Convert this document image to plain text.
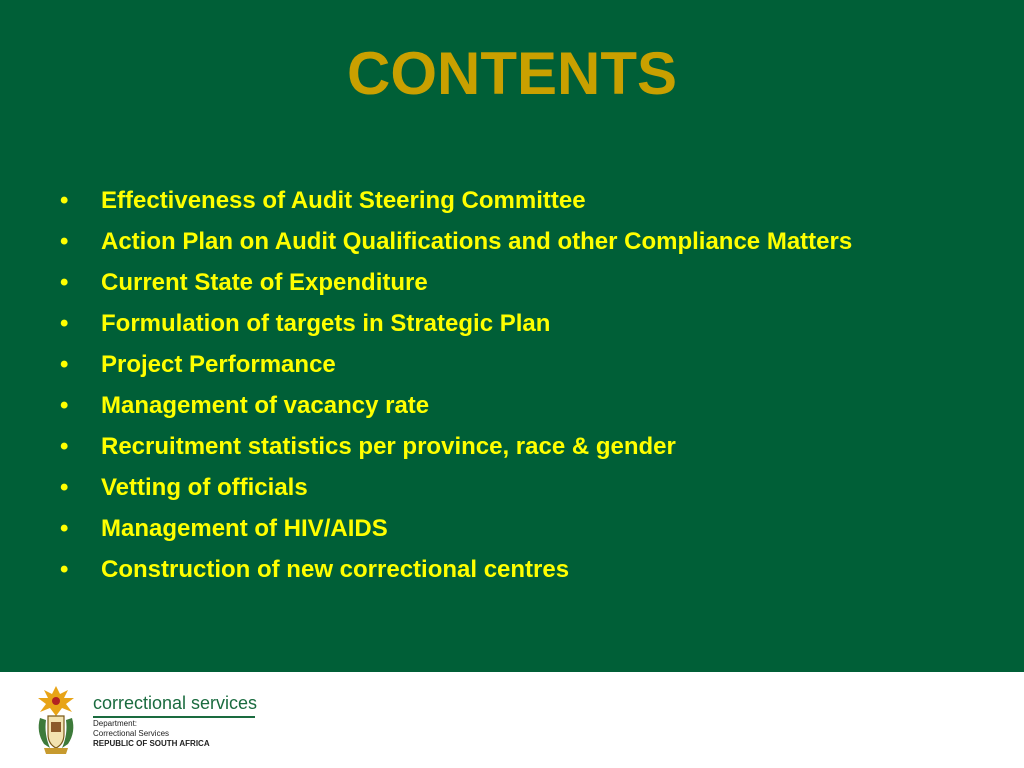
CONTENTS
•	Effectiveness of Audit Steering Committee
•	Action Plan on Audit Qualifications and other Compliance Matters
•	Current State of Expenditure
•	Formulation of targets in Strategic Plan
•	Project Performance
•	Management of vacancy rate
•	Recruitment statistics per province, race & gender
•	Vetting of officials
•	Management of HIV/AIDS
•	Construction of new correctional centres
correctional services
Department:
Correctional Services
REPUBLIC OF SOUTH AFRICA
